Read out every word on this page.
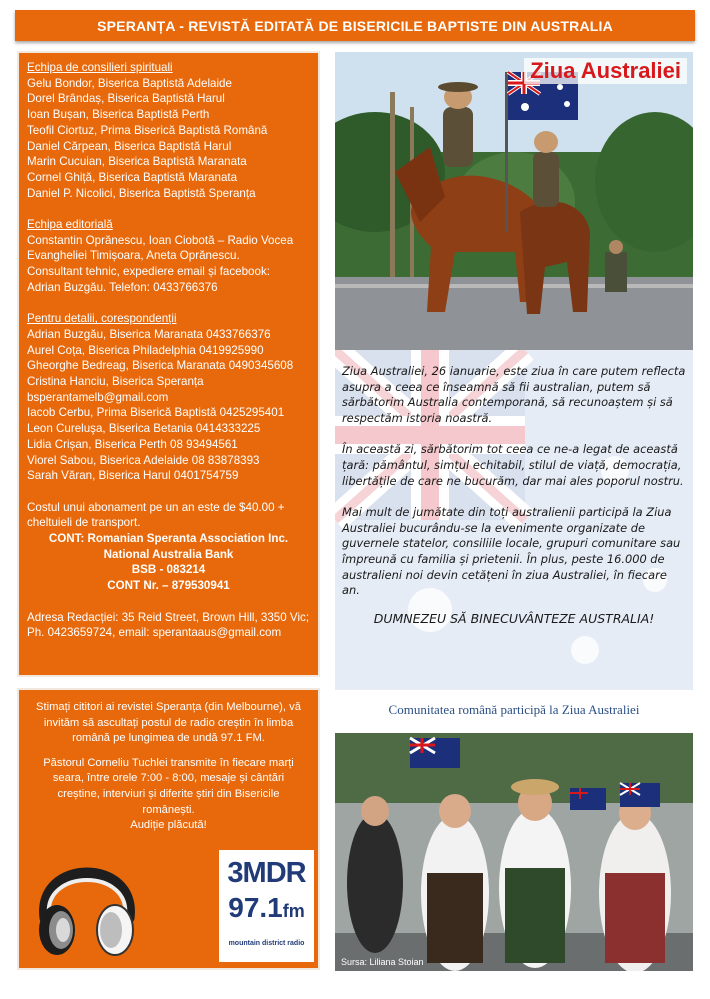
SPERANȚA - REVISTĂ EDITATĂ DE BISERICILE BAPTISTE DIN AUSTRALIA
Echipa de consilieri spirituali
Gelu Bondor, Biserica Baptistă Adelaide
Dorel Brândaș, Biserica Baptistă Harul
Ioan Bușan, Biserica Baptistă Perth
Teofil Ciortuz, Prima Biserică Baptistă Română
Daniel Cărpean, Biserica Baptistă Harul
Marin Cucuian, Biserica Baptistă Maranata
Cornel Ghiță, Biserica Baptistă Maranata
Daniel P. Nicolici, Biserica Baptistă Speranța
Echipa editorială
Constantin Oprănescu, Ioan Ciobotă – Radio Vocea
Evangheliei Timișoara, Aneta Oprănescu.
Consultant tehnic, expediere email și facebook:
Adrian Buzgău. Telefon: 0433766376
Pentru detalii, corespondenții
Adrian Buzgău, Biserica Maranata 0433766376
Aurel Coța, Biserica Philadelphia 0419925990
Gheorghe Bedreag, Biserica Maranata 0490345608
Cristina Hanciu, Biserica Speranța
bsperantamelb@gmail.com
Iacob Cerbu, Prima Biserică Baptistă 0425295401
Leon Cureluşa, Biserica Betania 0414333225
Lidia Crișan, Biserica Perth 08 93494561
Viorel Sabou, Biserica Adelaide 08 83878393
Sarah Văran, Biserica Harul 0401754759
Costul unui abonament pe un an este de $40.00 +
cheltuieli de transport.
CONT: Romanian Speranta Association Inc.
National Australia Bank
BSB - 083214
CONT Nr. – 879530941
Adresa Redacției: 35 Reid Street, Brown Hill, 3350 Vic;
Ph. 0423659724, email: sperantaaus@gmail.com

Stimați cititori ai revistei Speranța (din Melbourne), vă invităm să ascultați postul de radio creștin în limba română pe lungimea de undă 97.1 FM.

Păstorul Corneliu Tuchlei transmite în fiecare marți seara, între orele 7:00 - 8:00, mesaje și cântări creștine, interviuri și diferite știri din Bisericile românești.

Audiție plăcută!

3MDR
97.1fm
mountain district radio
Ziua Australiei

Ziua Australiei, 26 ianuarie, este ziua în care putem reflecta asupra a ceea ce înseamnă să fii australian, putem să sărbătorim Australia contemporană, să recunoaștem și să respectăm istoria noastră.

În această zi, sărbătorim tot ceea ce ne-a legat de această țară: pământul, simțul echitabil, stilul de viață, democrația, libertățile de care ne bucurăm, dar mai ales poporul nostru.

Mai mult de jumătate din toți australienii participă la Ziua Australiei bucurându-se la evenimente organizate de guvernele statelor, consiliile locale, grupuri comunitare sau împreună cu familia și prietenii. În plus, peste 16.000 de australieni noi devin cetățeni în ziua Australiei, în fiecare an.

DUMNEZEU SĂ BINECUVÂNTEZE AUSTRALIA!

Comunitatea română participă la Ziua Australiei
Sursa: Liliana Stoian
